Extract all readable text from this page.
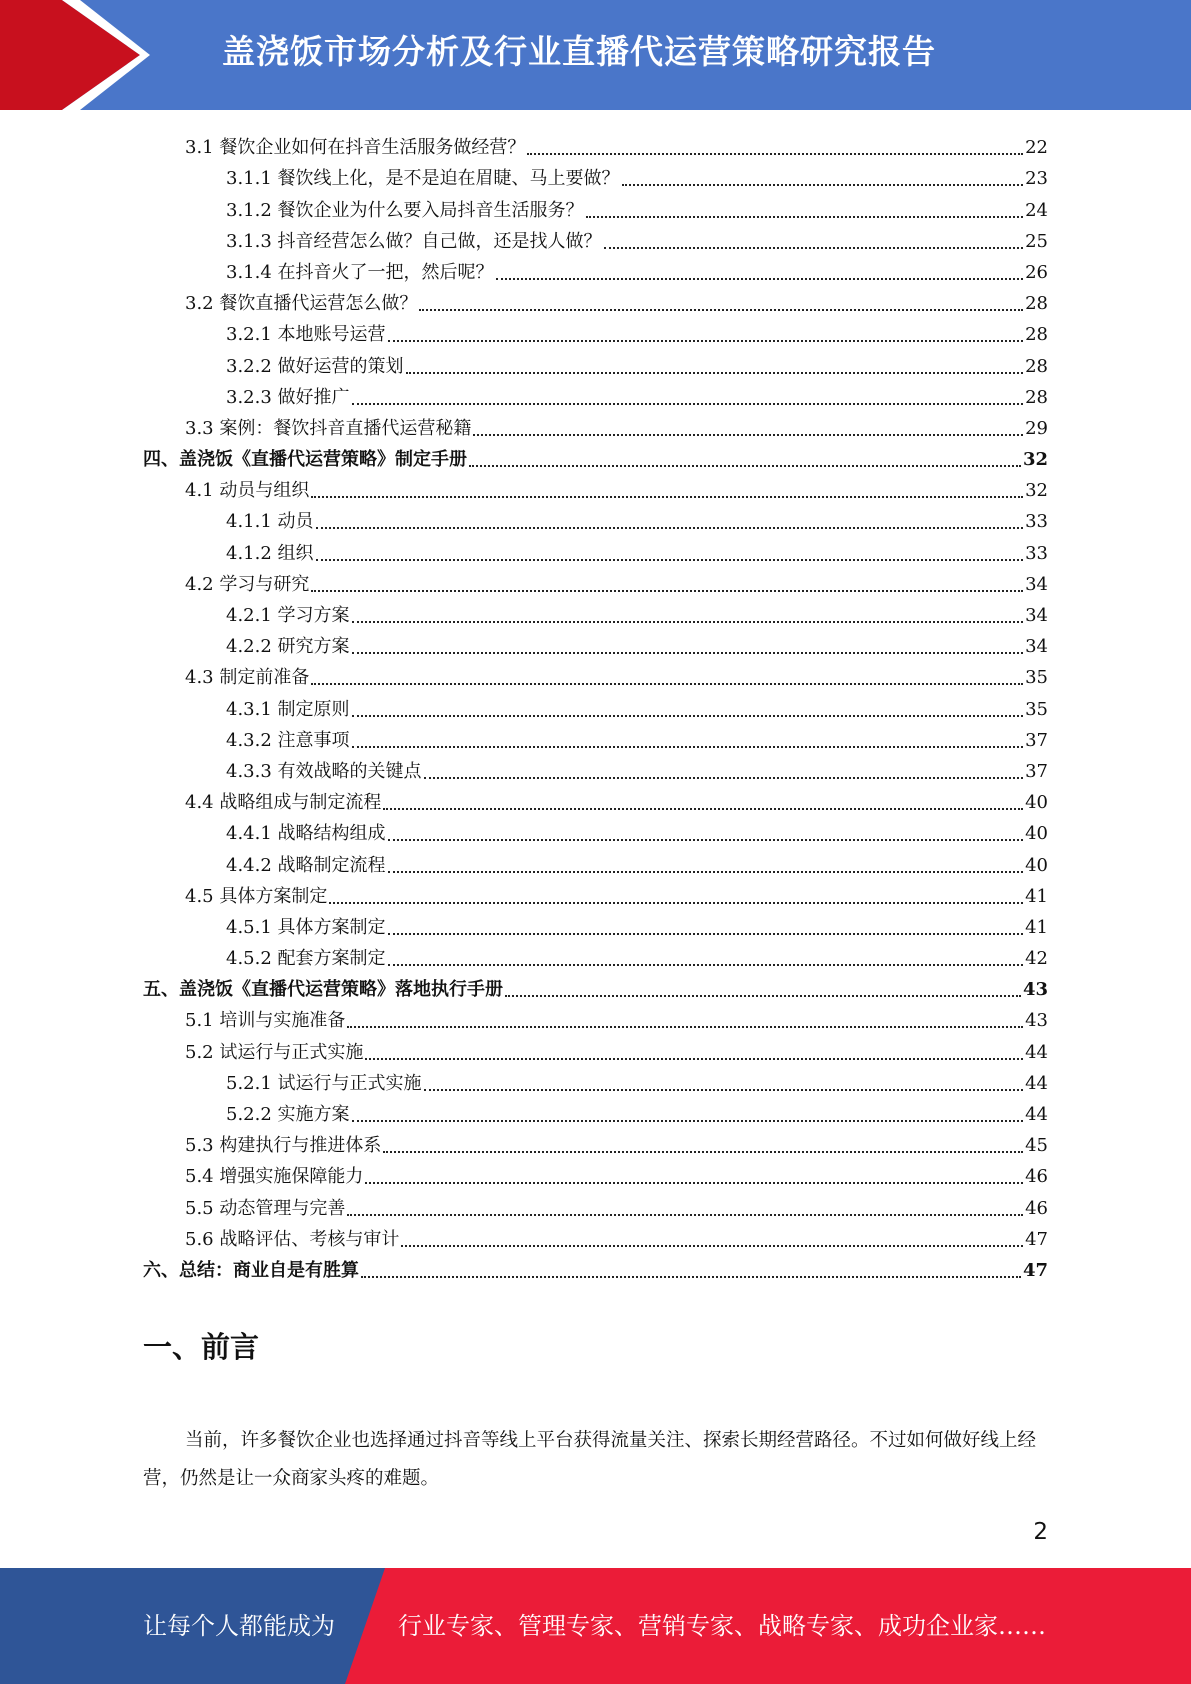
盖浇饭市场分析及行业直播代运营策略研究报告
3.1 餐饮企业如何在抖音生活服务做经营？	22
3.1.1 餐饮线上化，是不是迫在眉睫、马上要做？	23
3.1.2 餐饮企业为什么要入局抖音生活服务？	24
3.1.3 抖音经营怎么做？自己做，还是找人做？	25
3.1.4 在抖音火了一把，然后呢？	26
3.2 餐饮直播代运营怎么做？	28
3.2.1 本地账号运营	28
3.2.2 做好运营的策划	28
3.2.3 做好推广	28
3.3 案例：餐饮抖音直播代运营秘籍	29
四、盖浇饭《直播代运营策略》制定手册	32
4.1 动员与组织	32
4.1.1 动员	33
4.1.2 组织	33
4.2 学习与研究	34
4.2.1 学习方案	34
4.2.2 研究方案	34
4.3 制定前准备	35
4.3.1 制定原则	35
4.3.2 注意事项	37
4.3.3 有效战略的关键点	37
4.4 战略组成与制定流程	40
4.4.1 战略结构组成	40
4.4.2 战略制定流程	40
4.5 具体方案制定	41
4.5.1 具体方案制定	41
4.5.2 配套方案制定	42
五、盖浇饭《直播代运营策略》落地执行手册	43
5.1 培训与实施准备	43
5.2 试运行与正式实施	44
5.2.1 试运行与正式实施	44
5.2.2 实施方案	44
5.3 构建执行与推进体系	45
5.4 增强实施保障能力	46
5.5 动态管理与完善	46
5.6 战略评估、考核与审计	47
六、总结：商业自是有胜算	47
一、前言
当前，许多餐饮企业也选择通过抖音等线上平台获得流量关注、探索长期经营路径。不过如何做好线上经营，仍然是让一众商家头疼的难题。
2
让每个人都能成为	行业专家、管理专家、营销专家、战略专家、成功企业家……
